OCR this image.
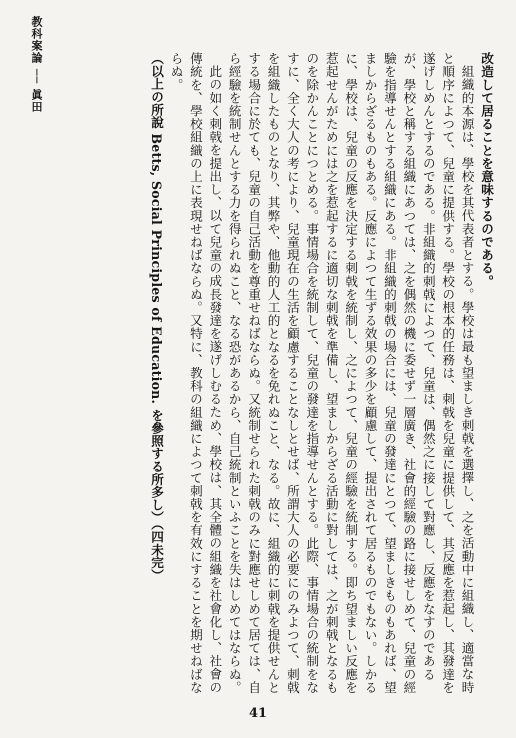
教科案論 ── 眞田	改造して居ることを意味するのである。

組織的本源は、學校を其代表者とする。學校は最も望ましき刺戟を選擇し、之を活動中に組織し、適當な時と順序によつて、兒童に提供する。學校の根本的任務は、刺戟を兒童に提供して、其反應を惹起し、其發達を遂げしめんとするのである。非組織的刺戟によつて、兒童は、偶然之に接して對應し、反應をなすのであるが、學校と稱する組織にあつては、之を偶然の機に委せず一層廣き、社會的經驗の路に接せしめて、兒童の經驗を指導せんとする組織にある。非組織的刺戟の場合には、兒童の發達にとつて、望ましきものもあれば、望ましからざるものもある。反應によつて生ずる效果の多少を顧慮して、提出されて居るものでもない。しかるに、學校は、兒童の反應を決定する刺戟を統制し、之によつて、兒童の經驗を統制する。即ち望ましい反應を惹起せんがためには之を惹起するに適切な刺戟を準備し、望ましからざる活動に對しては、之が刺戟となるものを除かんことにつとめる。事情場合を統制して、兒童の發達を指導せんとする。此際、事情場合の統制をなすに、全く大人の考により、兒童現在の生活を顧慮することなしとせば、所謂大人の必要にのみよつて、刺戟を組織したものとなり、其弊や、他動的人工的となるを免れぬこと、なる。故に、組織的に刺戟を提供せんとする場合に於ても、兒童の自己活動を尊重せねばならぬ。又統制せられた刺戟のみに對應せしめて居ては、自ら經驗を統制せんとする力を得られぬこと、なる恐があるから、自己統制といふことを失はしめてはならぬ。

此の如く刺戟を提出し、以て兒童の成長發達を遂げしむるため、學校は、其全體の組織を社會化し、社會の傳統を、學校組織の上に表現せねばならぬ。又特に、教科の組織によつて刺戟を有效にすることを期せねばならぬ。

（以上の所說 Betts, Social Principles of Education. を參照する所多し）（四未完）

41
